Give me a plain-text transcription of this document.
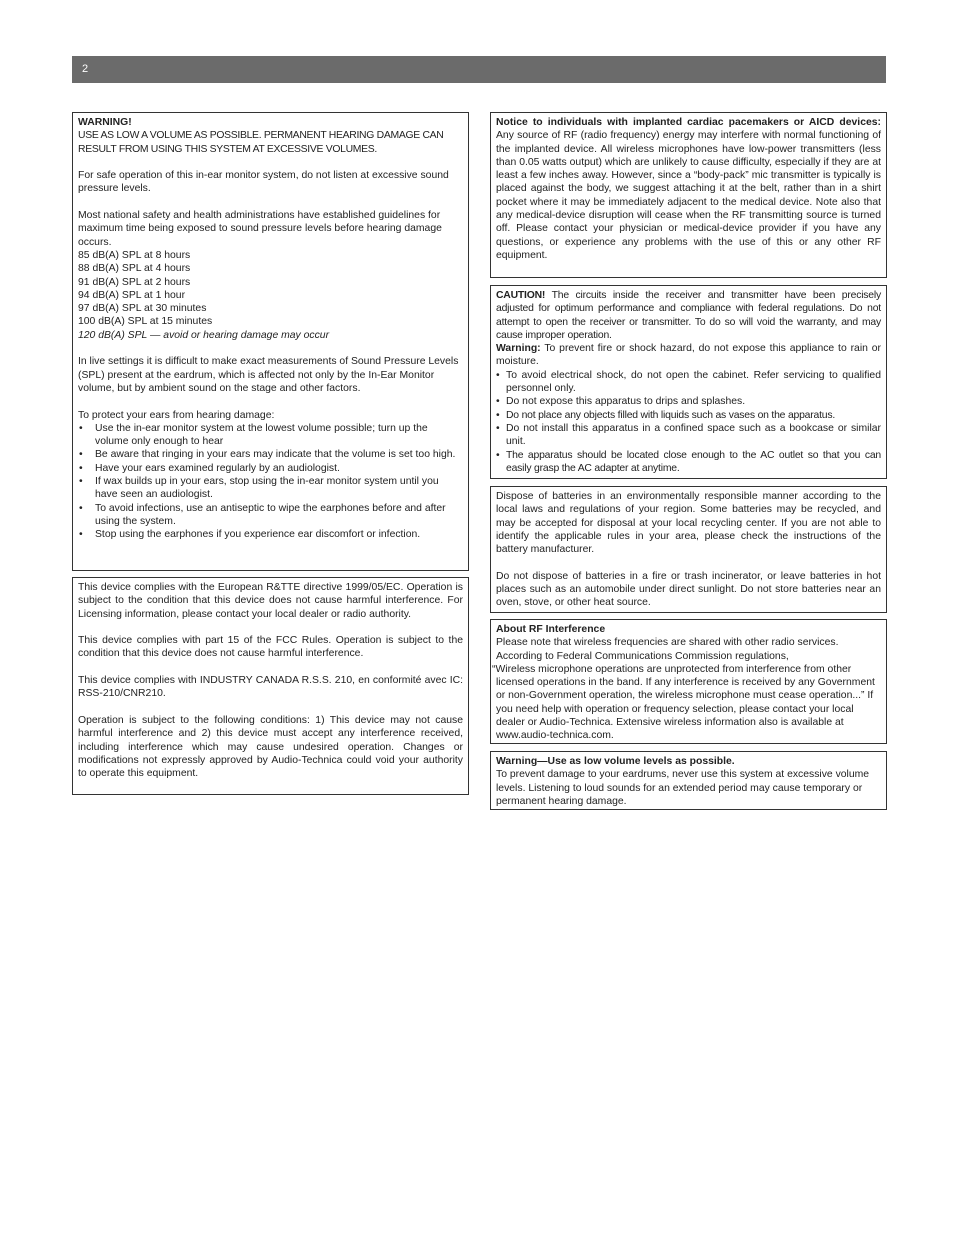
2

WARNING!

USE AS LOW A VOLUME AS POSSIBLE. PERMANENT HEARING DAMAGE CAN RESULT FROM USING THIS SYSTEM AT EXCESSIVE VOLUMES.

For safe operation of this in-ear monitor system, do not listen at excessive sound pressure levels.

Most national safety and health administrations have established guidelines for maximum time being exposed to sound pressure levels before hearing damage occurs.

85 dB(A) SPL at 8 hours

88 dB(A) SPL at 4 hours

91 dB(A) SPL at 2 hours

94 dB(A) SPL at 1 hour

97 dB(A) SPL at 30 minutes

100 dB(A) SPL at 15 minutes

120 dB(A) SPL — avoid or hearing damage may occur

In live settings it is difficult to make exact measurements of Sound Pressure Levels (SPL) present at the eardrum, which is affected not only by the In-Ear Monitor volume, but by ambient sound on the stage and other factors.

To protect your ears from hearing damage:

• Use the in-ear monitor system at the lowest volume possible; turn up the volume only enough to hear
• Be aware that ringing in your ears may indicate that the volume is set too high.
• Have your ears examined regularly by an audiologist.
• If wax builds up in your ears, stop using the in-ear monitor system until you have seen an audiologist.
• To avoid infections, use an antiseptic to wipe the earphones before and after using the system.
• Stop using the earphones if you experience ear discomfort or infection.

This device complies with the European R&TTE directive 1999/05/EC. Operation is subject to the condition that this device does not cause harmful interference. For Licensing information, please contact your local dealer or radio authority.

This device complies with part 15 of the FCC Rules. Operation is subject to the condition that this device does not cause harmful interference.

This device complies with INDUSTRY CANADA R.S.S. 210, en conformité avec IC: RSS-210/CNR210.

Operation is subject to the following conditions: 1) This device may not cause harmful interference and 2) this device must accept any interference received, including interference which may cause undesired operation. Changes or modifications not expressly approved by Audio-Technica could void your authority to operate this equipment.

Notice to individuals with implanted cardiac pacemakers or AICD devices: Any source of RF (radio frequency) energy may interfere with normal functioning of the implanted device. All wireless microphones have low-power transmitters (less than 0.05 watts output) which are unlikely to cause difficulty, especially if they are at least a few inches away. However, since a “body-pack” mic transmitter is typically is placed against the body, we suggest attaching it at the belt, rather than in a shirt pocket where it may be immediately adjacent to the medical device. Note also that any medical-device disruption will cease when the RF transmitting source is turned off. Please contact your physician or medical-device provider if you have any questions, or experience any problems with the use of this or any other RF equipment.

CAUTION! The circuits inside the receiver and transmitter have been precisely adjusted for optimum performance and compliance with federal regulations. Do not attempt to open the receiver or transmitter. To do so will void the warranty, and may cause improper operation.

Warning: To prevent fire or shock hazard, do not expose this appliance to rain or moisture.

• To avoid electrical shock, do not open the cabinet. Refer servicing to qualified personnel only.
• Do not expose this apparatus to drips and splashes.
• Do not place any objects filled with liquids such as vases on the apparatus.
• Do not install this apparatus in a confined space such as a bookcase or similar unit.
• The apparatus should be located close enough to the AC outlet so that you can easily grasp the AC adapter at anytime.

Dispose of batteries in an environmentally responsible manner according to the local laws and regulations of your region. Some batteries may be recycled, and may be accepted for disposal at your local recycling center. If you are not able to identify the applicable rules in your area, please check the instructions of the battery manufacturer.

Do not dispose of batteries in a fire or trash incinerator, or leave batteries in hot places such as an automobile under direct sunlight. Do not store batteries near an oven, stove, or other heat source.

About RF Interference

Please note that wireless frequencies are shared with other radio services. According to Federal Communications Commission regulations,

“Wireless microphone operations are unprotected from interference from other licensed operations in the band. If any interference is received by any Government or non-Government operation, the wireless microphone must cease operation...” If you need help with operation or frequency selection, please contact your local dealer or Audio-Technica. Extensive wireless information also is available at www.audio-technica.com.

Warning—Use as low volume levels as possible.

To prevent damage to your eardrums, never use this system at excessive volume levels. Listening to loud sounds for an extended period may cause temporary or permanent hearing damage.
